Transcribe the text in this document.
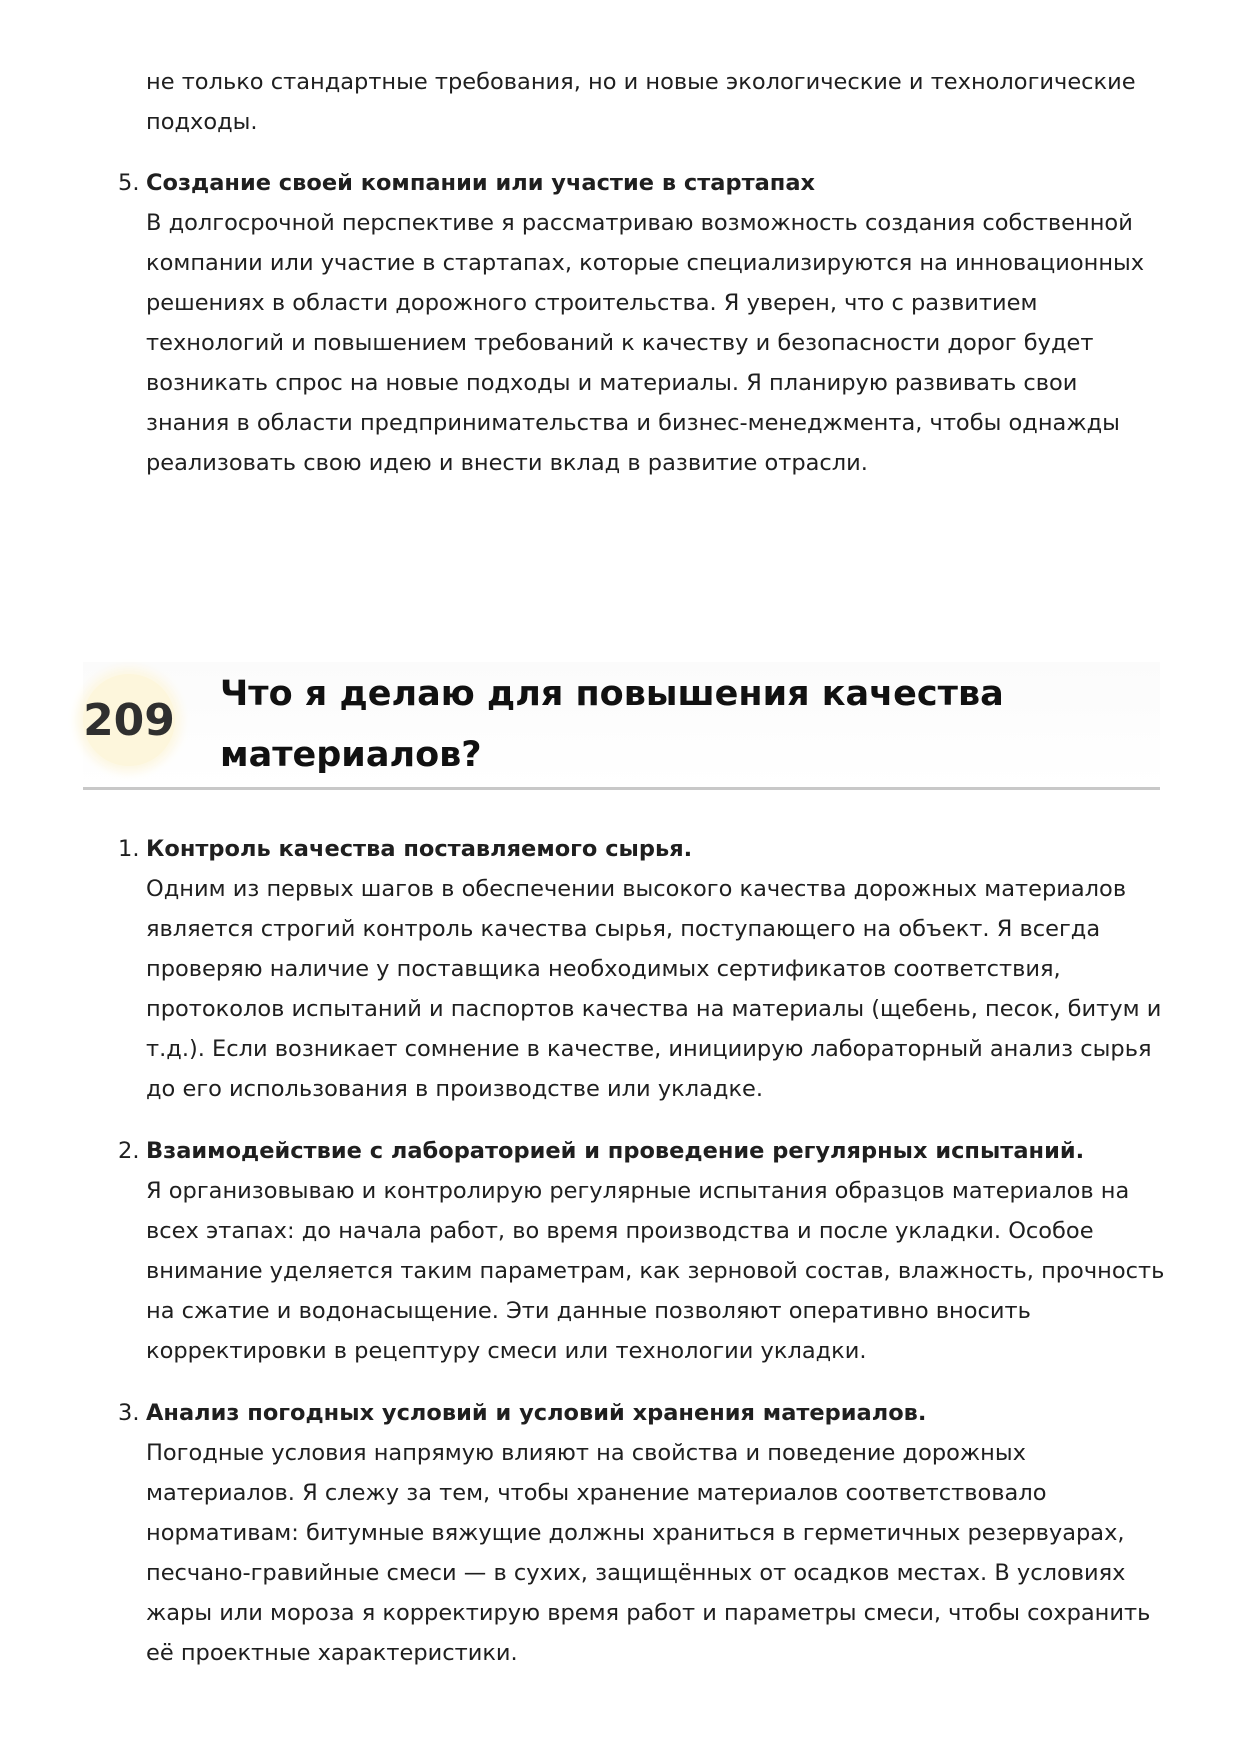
не только стандартные требования, но и новые экологические и технологические подходы.

5. Создание своей компании или участие в стартапах
В долгосрочной перспективе я рассматриваю возможность создания собственной компании или участие в стартапах, которые специализируются на инновационных решениях в области дорожного строительства. Я уверен, что с развитием технологий и повышением требований к качеству и безопасности дорог будет возникать спрос на новые подходы и материалы. Я планирую развивать свои знания в области предпринимательства и бизнес-менеджмента, чтобы однажды реализовать свою идею и внести вклад в развитие отрасли.
209
Что я делаю для повышения качества материалов?
1. Контроль качества поставляемого сырья.
Одним из первых шагов в обеспечении высокого качества дорожных материалов является строгий контроль качества сырья, поступающего на объект. Я всегда проверяю наличие у поставщика необходимых сертификатов соответствия, протоколов испытаний и паспортов качества на материалы (щебень, песок, битум и т.д.). Если возникает сомнение в качестве, инициирую лабораторный анализ сырья до его использования в производстве или укладке.
2. Взаимодействие с лабораторией и проведение регулярных испытаний.
Я организовываю и контролирую регулярные испытания образцов материалов на всех этапах: до начала работ, во время производства и после укладки. Особое внимание уделяется таким параметрам, как зерновой состав, влажность, прочность на сжатие и водонасыщение. Эти данные позволяют оперативно вносить корректировки в рецептуру смеси или технологии укладки.
3. Анализ погодных условий и условий хранения материалов.
Погодные условия напрямую влияют на свойства и поведение дорожных материалов. Я слежу за тем, чтобы хранение материалов соответствовало нормативам: битумные вяжущие должны храниться в герметичных резервуарах, песчано-гравийные смеси — в сухих, защищённых от осадков местах. В условиях жары или мороза я корректирую время работ и параметры смеси, чтобы сохранить её проектные характеристики.
